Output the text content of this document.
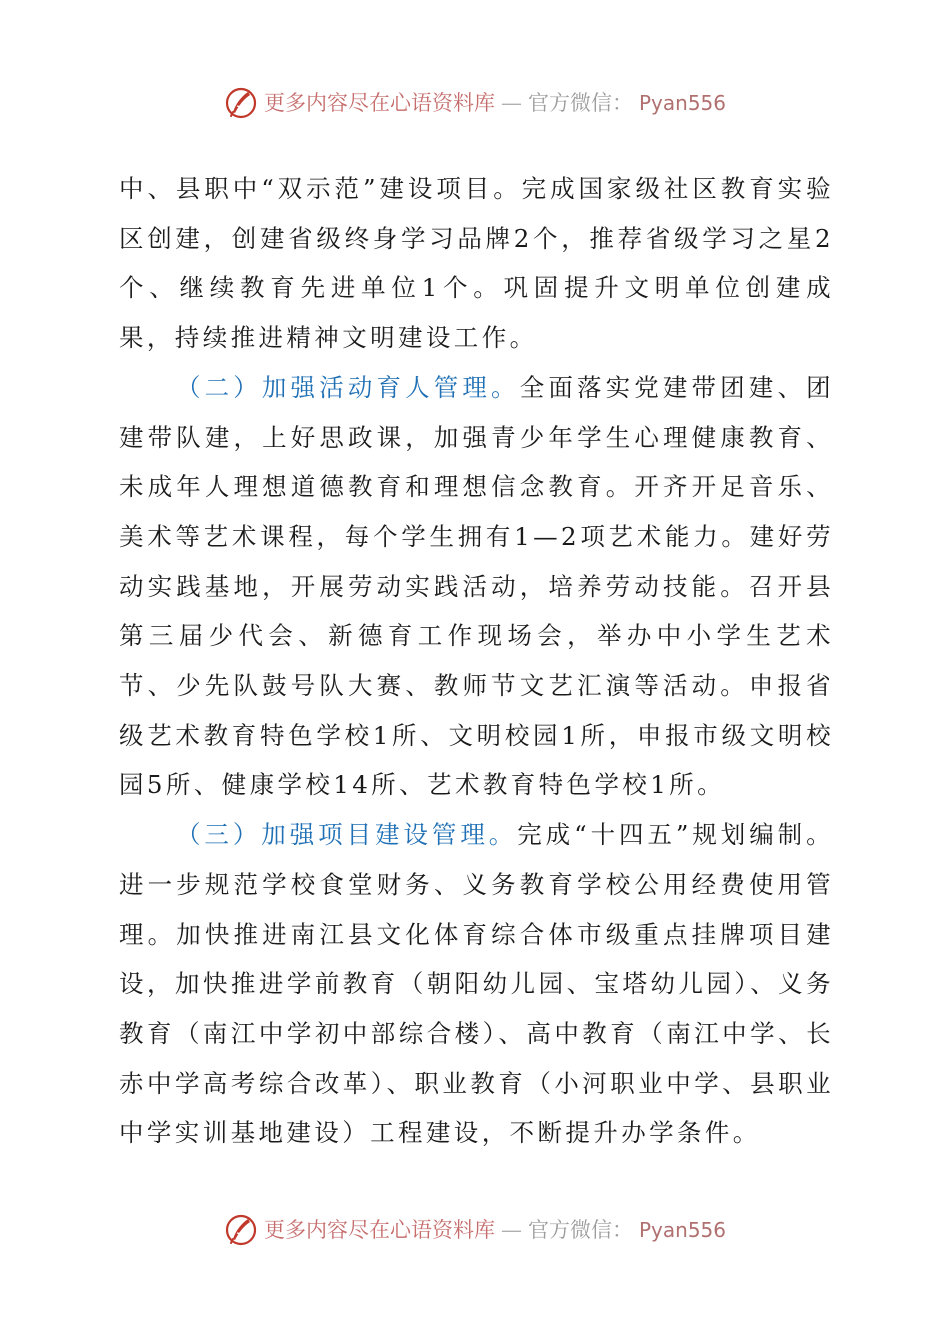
更多内容尽在心语资料库 — 官方微信： Pyan556

中、县职中“双示范”建设项目。完成国家级社区教育实验区创建，创建省级终身学习品牌2个，推荐省级学习之星2个、继续教育先进单位1个。巩固提升文明单位创建成果，持续推进精神文明建设工作。

（二）加强活动育人管理。全面落实党建带团建、团建带队建，上好思政课，加强青少年学生心理健康教育、未成年人理想道德教育和理想信念教育。开齐开足音乐、美术等艺术课程，每个学生拥有1—2项艺术能力。建好劳动实践基地，开展劳动实践活动，培养劳动技能。召开县第三届少代会、新德育工作现场会，举办中小学生艺术节、少先队鼓号队大赛、教师节文艺汇演等活动。申报省级艺术教育特色学校1所、文明校园1所，申报市级文明校园5所、健康学校14所、艺术教育特色学校1所。

（三）加强项目建设管理。完成“十四五”规划编制。进一步规范学校食堂财务、义务教育学校公用经费使用管理。加快推进南江县文化体育综合体市级重点挂牌项目建设，加快推进学前教育（朝阳幼儿园、宝塔幼儿园）、义务教育（南江中学初中部综合楼）、高中教育（南江中学、长赤中学高考综合改革）、职业教育（小河职业中学、县职业中学实训基地建设）工程建设，不断提升办学条件。

更多内容尽在心语资料库 — 官方微信： Pyan556
